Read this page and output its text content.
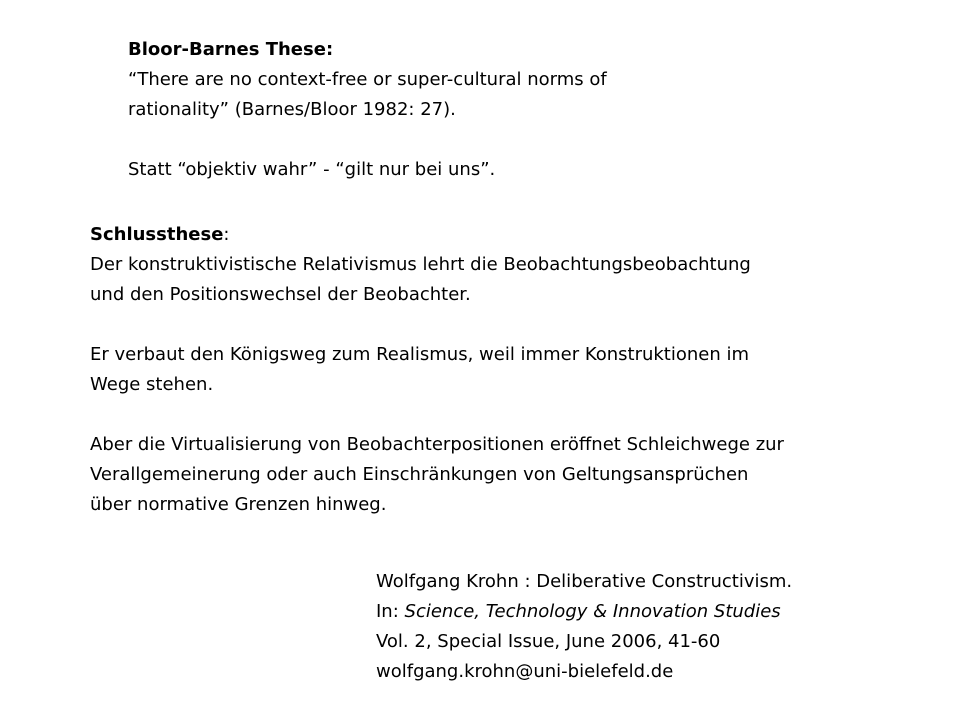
Bloor-Barnes These:
“There are no context-free or super-cultural norms of
rationality” (Barnes/Bloor 1982: 27).
Statt “objektiv wahr” - “gilt nur bei uns”.
Schlussthese:
Der konstruktivistische Relativismus lehrt die Beobachtungsbeobachtung
und den Positionswechsel der Beobachter.
Er verbaut den Königsweg zum Realismus, weil immer Konstruktionen im
Wege stehen.
Aber die Virtualisierung von Beobachterpositionen eröffnet Schleichwege zur
Verallgemeinerung oder auch Einschränkungen von Geltungsansprüchen
über normative Grenzen hinweg.
Wolfgang Krohn : Deliberative Constructivism.
In: Science, Technology & Innovation Studies
Vol. 2, Special Issue, June 2006, 41-60
wolfgang.krohn@uni-bielefeld.de
